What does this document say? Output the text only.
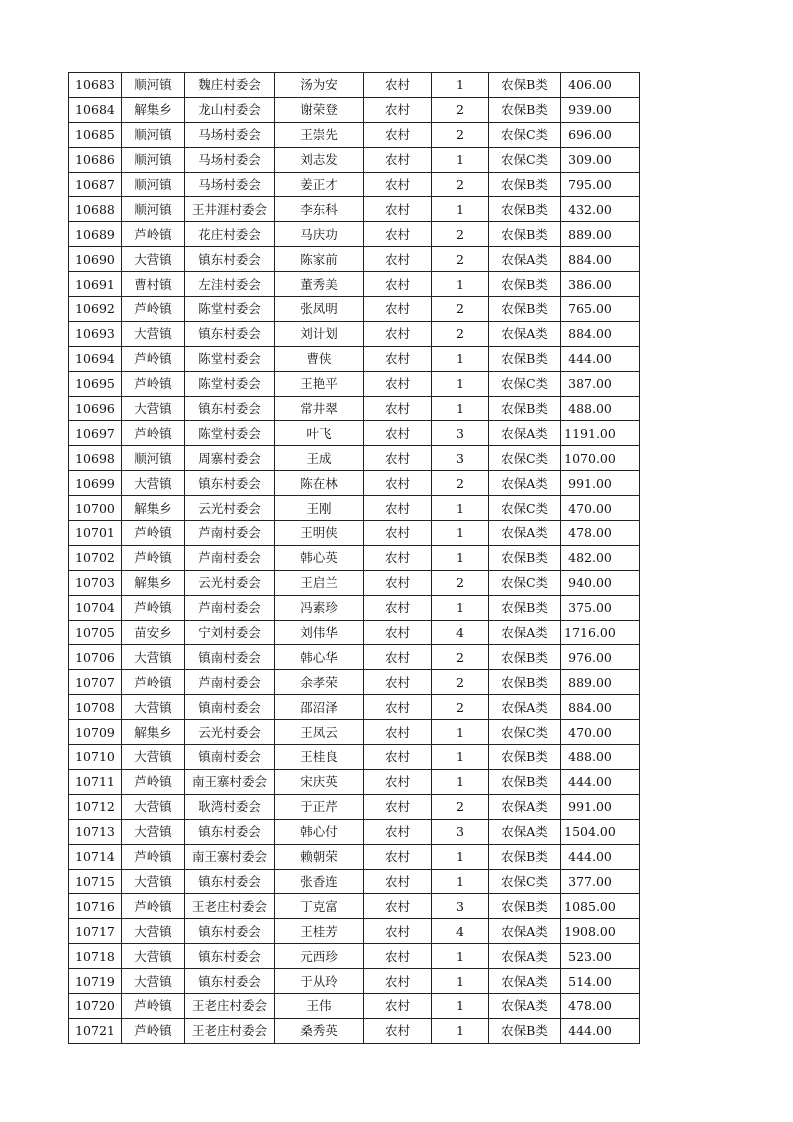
10683	顺河镇	魏庄村委会	汤为安	农村	1	农保B类	406.00
10684	解集乡	龙山村委会	谢荣登	农村	2	农保B类	939.00
10685	顺河镇	马场村委会	王崇先	农村	2	农保C类	696.00
10686	顺河镇	马场村委会	刘志发	农村	1	农保C类	309.00
10687	顺河镇	马场村委会	姜正才	农村	2	农保B类	795.00
10688	顺河镇	王井涯村委会	李东科	农村	1	农保B类	432.00
10689	芦岭镇	花庄村委会	马庆功	农村	2	农保B类	889.00
10690	大营镇	镇东村委会	陈家前	农村	2	农保A类	884.00
10691	曹村镇	左洼村委会	董秀美	农村	1	农保B类	386.00
10692	芦岭镇	陈堂村委会	张凤明	农村	2	农保B类	765.00
10693	大营镇	镇东村委会	刘计划	农村	2	农保A类	884.00
10694	芦岭镇	陈堂村委会	曹侠	农村	1	农保B类	444.00
10695	芦岭镇	陈堂村委会	王艳平	农村	1	农保C类	387.00
10696	大营镇	镇东村委会	常井翠	农村	1	农保B类	488.00
10697	芦岭镇	陈堂村委会	叶飞	农村	3	农保A类	1191.00
10698	顺河镇	周寨村委会	王成	农村	3	农保C类	1070.00
10699	大营镇	镇东村委会	陈在林	农村	2	农保A类	991.00
10700	解集乡	云光村委会	王刚	农村	1	农保C类	470.00
10701	芦岭镇	芦南村委会	王明侠	农村	1	农保A类	478.00
10702	芦岭镇	芦南村委会	韩心英	农村	1	农保B类	482.00
10703	解集乡	云光村委会	王启兰	农村	2	农保C类	940.00
10704	芦岭镇	芦南村委会	冯素珍	农村	1	农保B类	375.00
10705	苗安乡	宁刘村委会	刘伟华	农村	4	农保A类	1716.00
10706	大营镇	镇南村委会	韩心华	农村	2	农保B类	976.00
10707	芦岭镇	芦南村委会	余孝荣	农村	2	农保B类	889.00
10708	大营镇	镇南村委会	邵沼泽	农村	2	农保A类	884.00
10709	解集乡	云光村委会	王凤云	农村	1	农保C类	470.00
10710	大营镇	镇南村委会	王桂良	农村	1	农保B类	488.00
10711	芦岭镇	南王寨村委会	宋庆英	农村	1	农保B类	444.00
10712	大营镇	耿湾村委会	于正芹	农村	2	农保A类	991.00
10713	大营镇	镇东村委会	韩心付	农村	3	农保A类	1504.00
10714	芦岭镇	南王寨村委会	赖朝荣	农村	1	农保B类	444.00
10715	大营镇	镇东村委会	张香连	农村	1	农保C类	377.00
10716	芦岭镇	王老庄村委会	丁克富	农村	3	农保B类	1085.00
10717	大营镇	镇东村委会	王桂芳	农村	4	农保A类	1908.00
10718	大营镇	镇东村委会	元西珍	农村	1	农保A类	523.00
10719	大营镇	镇东村委会	于从玲	农村	1	农保A类	514.00
10720	芦岭镇	王老庄村委会	王伟	农村	1	农保A类	478.00
10721	芦岭镇	王老庄村委会	桑秀英	农村	1	农保B类	444.00
